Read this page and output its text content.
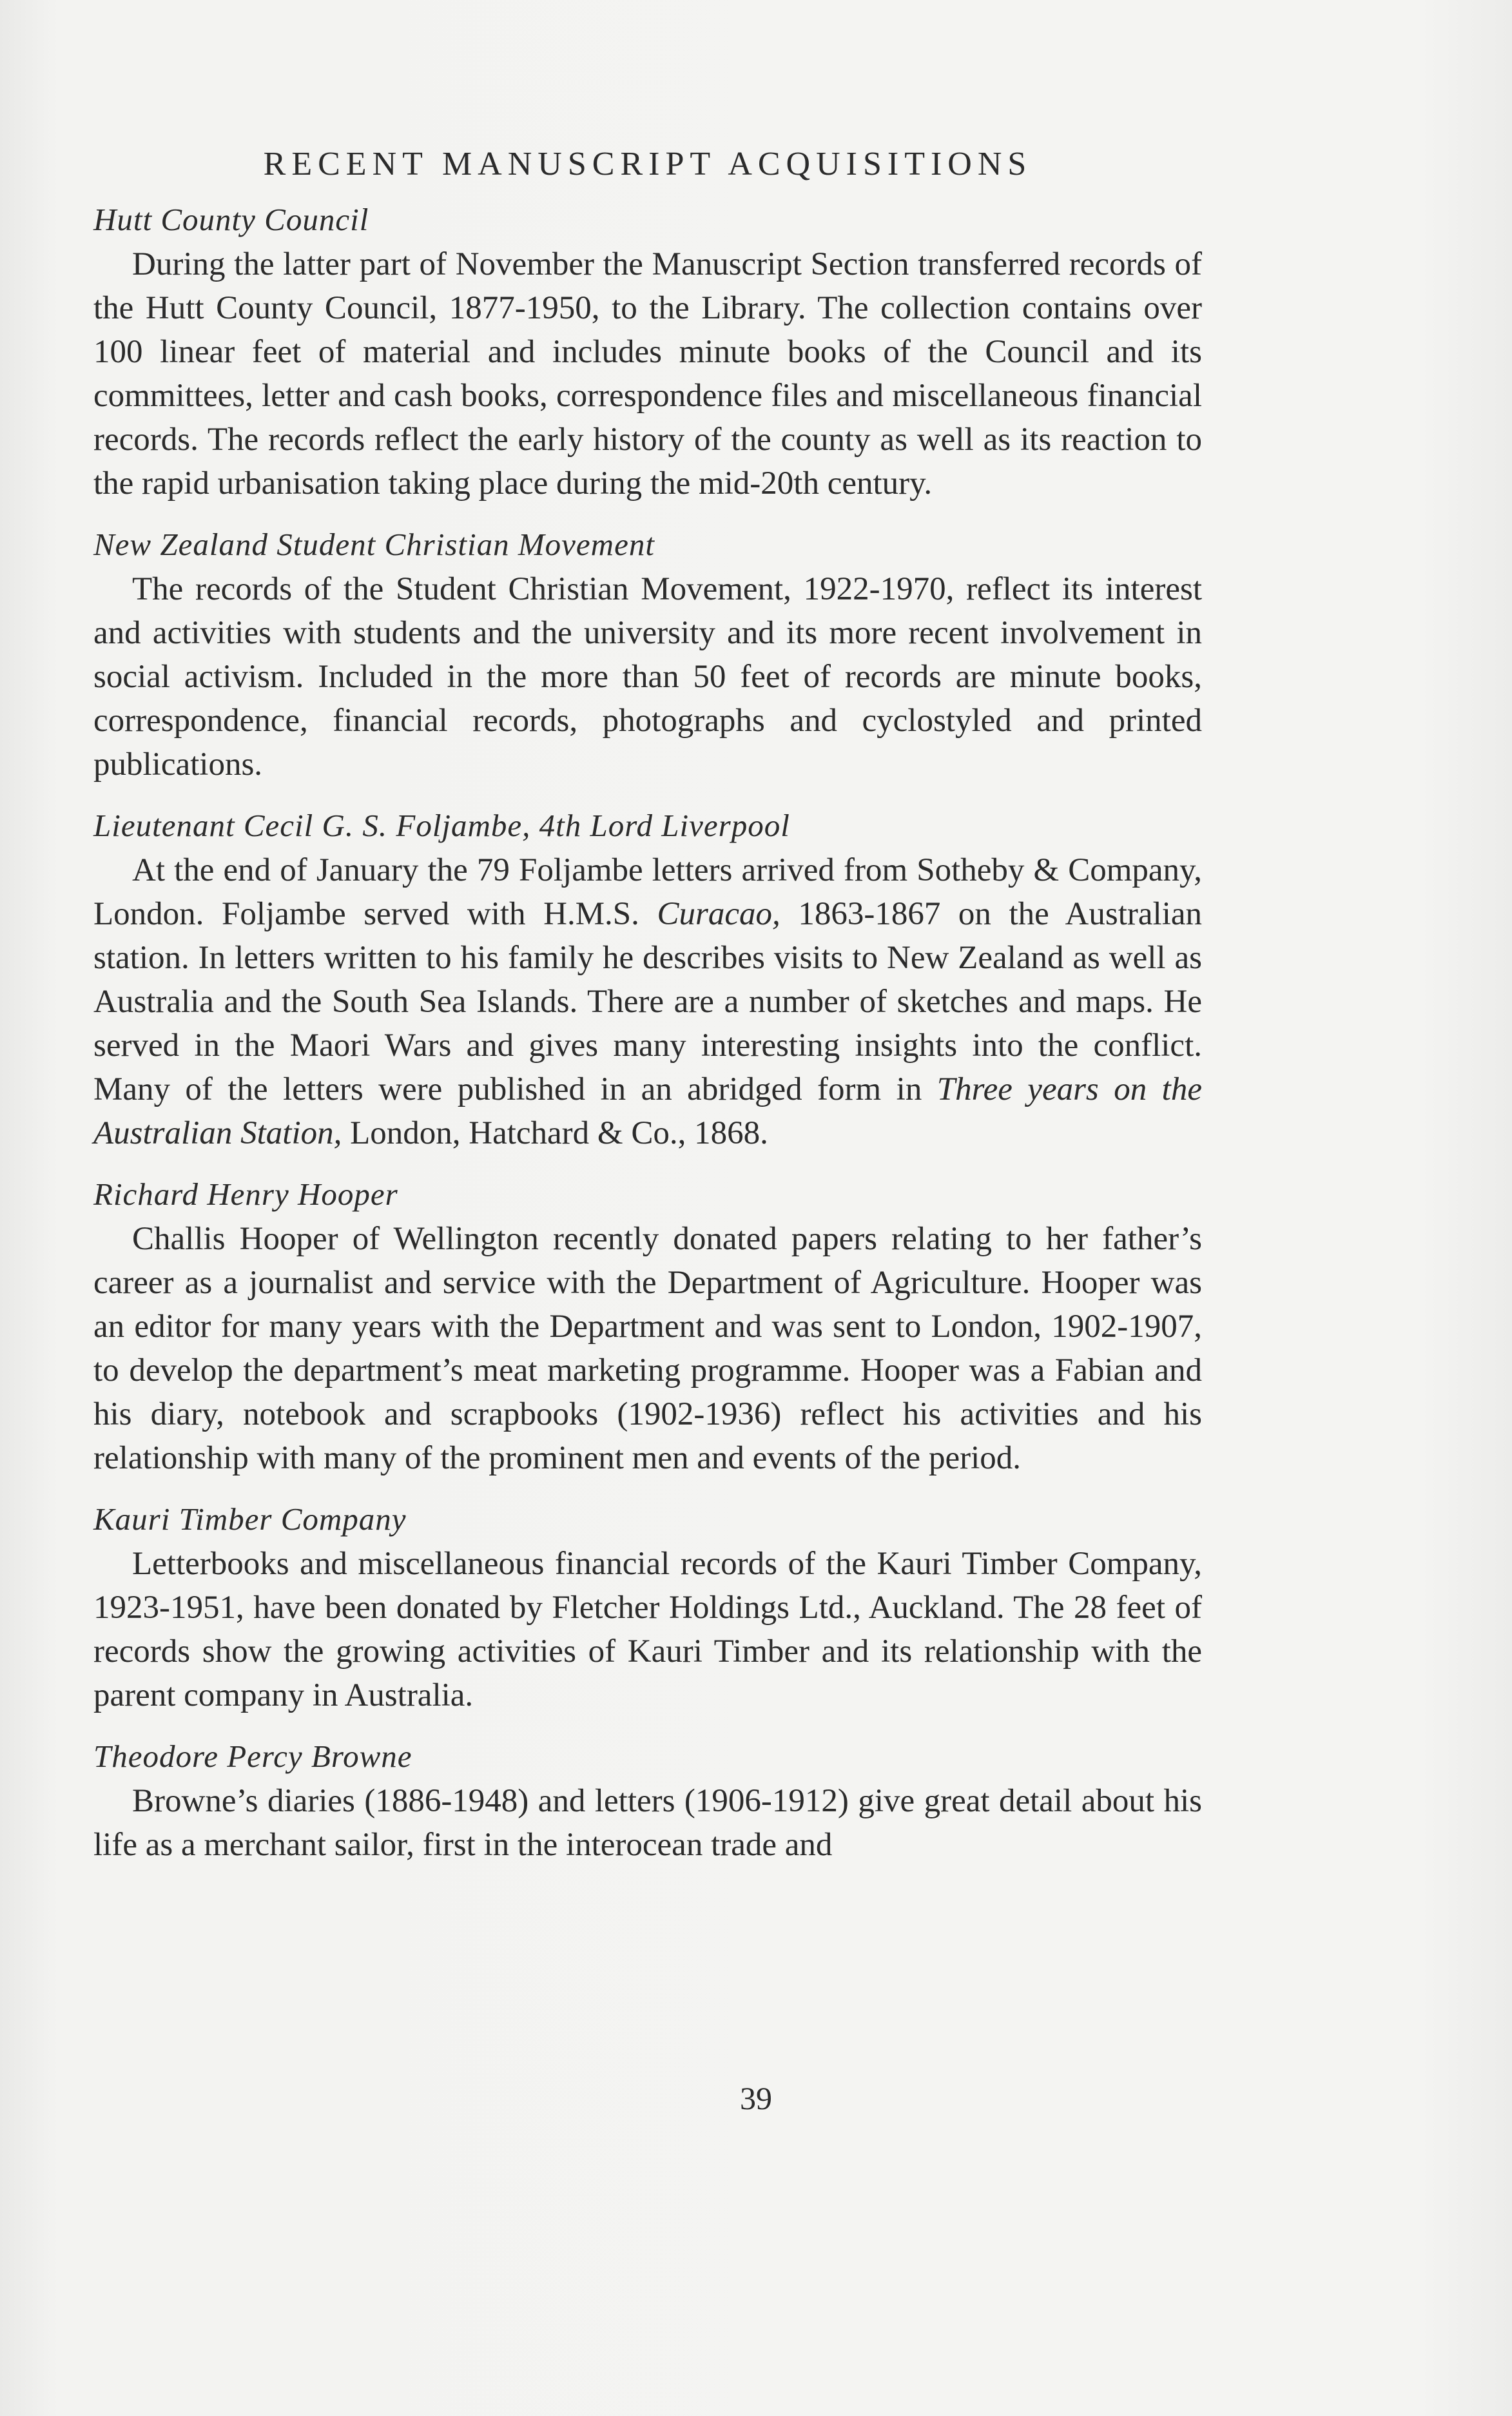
RECENT MANUSCRIPT ACQUISITIONS
Hutt County Council

During the latter part of November the Manuscript Section transferred records of the Hutt County Council, 1877-1950, to the Library. The collection contains over 100 linear feet of material and includes minute books of the Council and its committees, letter and cash books, correspondence files and miscellaneous financial records. The records reflect the early history of the county as well as its reaction to the rapid urbanisation taking place during the mid-20th century.

New Zealand Student Christian Movement

The records of the Student Christian Movement, 1922-1970, reflect its interest and activities with students and the university and its more recent involvement in social activism. Included in the more than 50 feet of records are minute books, correspondence, financial records, photographs and cyclostyled and printed publications.

Lieutenant Cecil G. S. Foljambe, 4th Lord Liverpool

At the end of January the 79 Foljambe letters arrived from Sotheby & Company, London. Foljambe served with H.M.S. Curacao, 1863-1867 on the Australian station. In letters written to his family he describes visits to New Zealand as well as Australia and the South Sea Islands. There are a number of sketches and maps. He served in the Maori Wars and gives many interesting insights into the conflict. Many of the letters were published in an abridged form in Three years on the Australian Station, London, Hatchard & Co., 1868.

Richard Henry Hooper

Challis Hooper of Wellington recently donated papers relating to her father’s career as a journalist and service with the Department of Agriculture. Hooper was an editor for many years with the Department and was sent to London, 1902-1907, to develop the department’s meat marketing programme. Hooper was a Fabian and his diary, notebook and scrapbooks (1902-1936) reflect his activities and his relationship with many of the prominent men and events of the period.

Kauri Timber Company

Letterbooks and miscellaneous financial records of the Kauri Timber Company, 1923-1951, have been donated by Fletcher Holdings Ltd., Auckland. The 28 feet of records show the growing activities of Kauri Timber and its relationship with the parent company in Australia.

Theodore Percy Browne

Browne’s diaries (1886-1948) and letters (1906-1912) give great detail about his life as a merchant sailor, first in the interocean trade and

39
